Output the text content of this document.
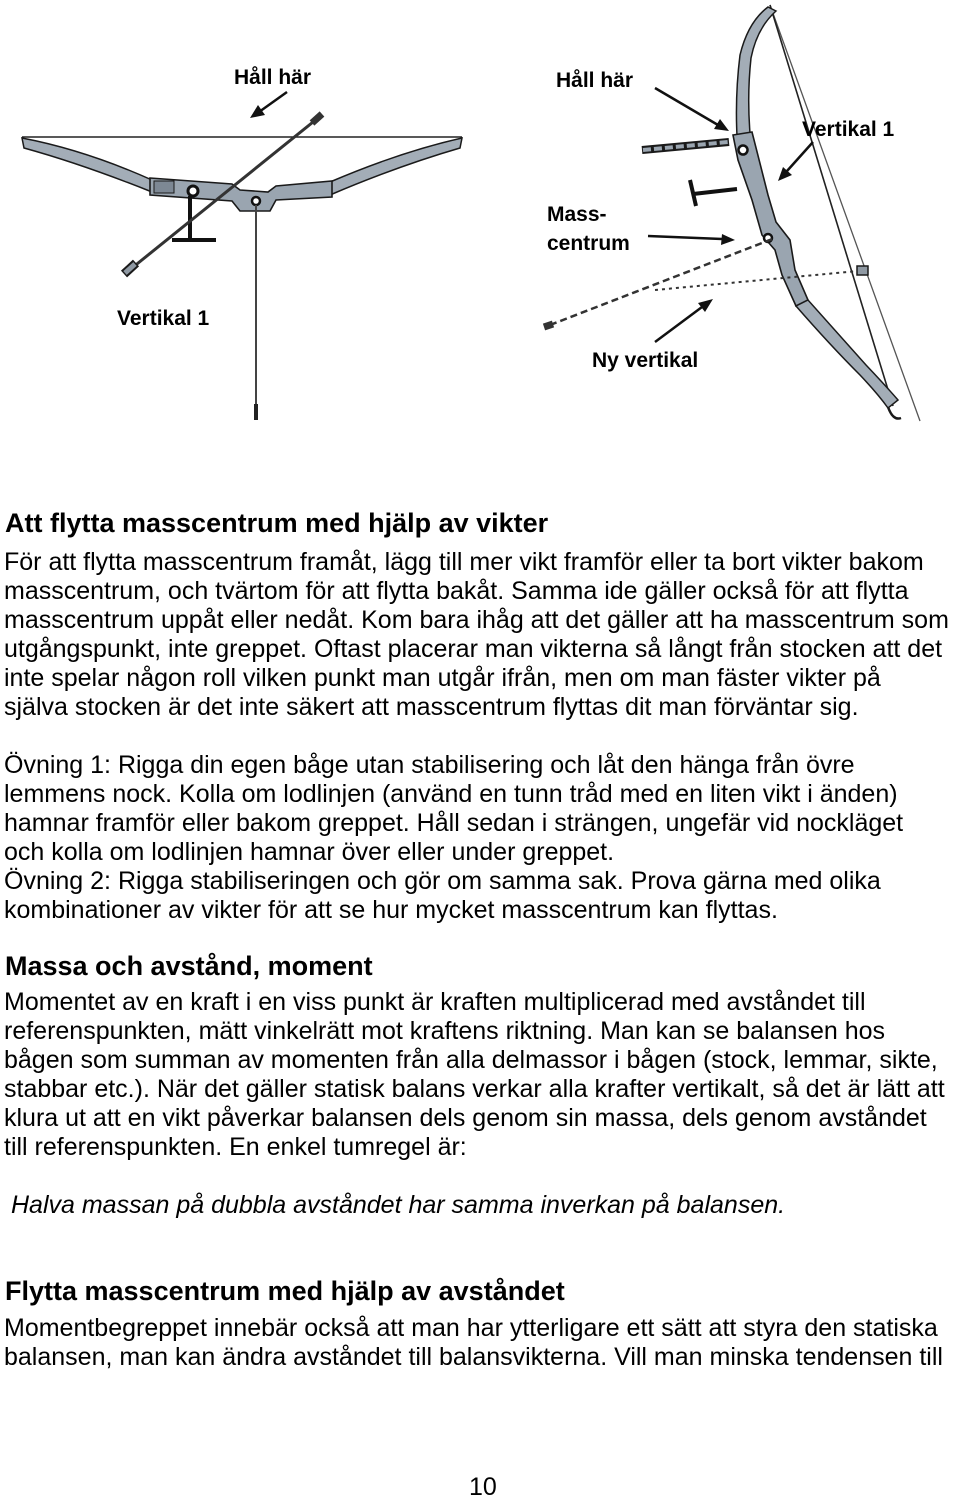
Håll här
Vertikal 1
Håll här
Vertikal 1
Mass-
centrum
Ny vertikal
Att flytta masscentrum med hjälp av vikter
För att flytta masscentrum framåt, lägg till mer vikt framför eller ta bort vikter bakom
masscentrum, och tvärtom för att flytta bakåt. Samma ide gäller också för att flytta
masscentrum uppåt eller nedåt. Kom bara ihåg att det gäller att ha masscentrum som
utgångspunkt, inte greppet. Oftast placerar man vikterna så långt från stocken att det
inte spelar någon roll vilken punkt man utgår ifrån, men om man fäster vikter på
själva stocken är det inte säkert att masscentrum flyttas dit man förväntar sig.
Övning 1: Rigga din egen båge utan stabilisering och låt den hänga från övre
lemmens nock. Kolla om lodlinjen (använd en tunn tråd med en liten vikt i änden)
hamnar framför eller bakom greppet. Håll sedan i strängen, ungefär vid nockläget
och kolla om lodlinjen hamnar över eller under greppet.
Övning 2: Rigga stabiliseringen och gör om samma sak. Prova gärna med olika
kombinationer av vikter för att se hur mycket masscentrum kan flyttas.
Massa och avstånd, moment
Momentet av en kraft i en viss punkt är kraften multiplicerad med avståndet till
referenspunkten, mätt vinkelrätt mot kraftens riktning. Man kan se balansen hos
bågen som summan av momenten från alla delmassor i bågen (stock, lemmar, sikte,
stabbar etc.). När det gäller statisk balans verkar alla krafter vertikalt, så det är lätt att
klura ut att en vikt påverkar balansen dels genom sin massa, dels genom avståndet
till referenspunkten. En enkel tumregel är:
Halva massan på dubbla avståndet har samma inverkan på balansen.
Flytta masscentrum med hjälp av avståndet
Momentbegreppet innebär också att man har ytterligare ett sätt att styra den statiska
balansen, man kan ändra avståndet till balansvikterna. Vill man minska tendensen till
10
